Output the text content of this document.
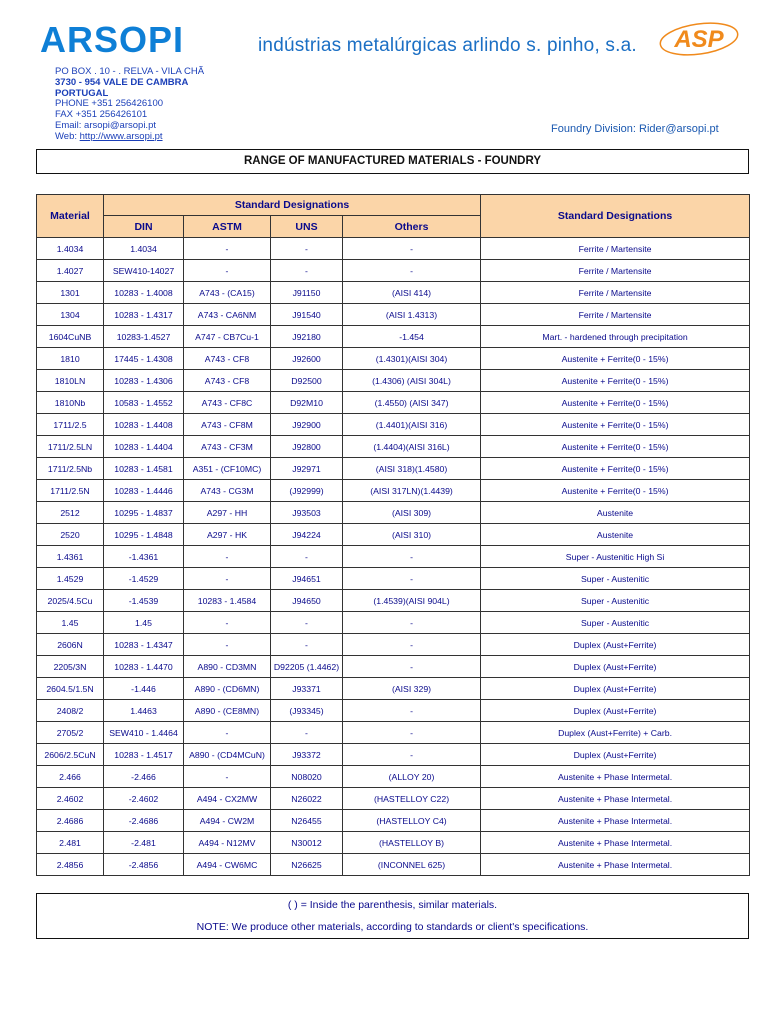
ARSOPI	indústrias metalúrgicas arlindo s. pinho, s.a. ASP
PO BOX . 10 - . RELVA - VILA CHÃ
3730 - 954 VALE DE CAMBRA
PORTUGAL
PHONE +351 256426100
FAX +351 256426101
Email: arsopi@arsopi.pt
Web: http://www.arsopi.pt
Foundry Division: Rider@arsopi.pt
RANGE OF MANUFACTURED MATERIALS - FOUNDRY
Material	Standard Designations				Standard Designations
	DIN	ASTM	UNS	Others	
1.4034	1.4034	-	-	-	Ferrite / Martensite
1.4027	SEW410-14027	-	-	-	Ferrite / Martensite
1301	10283 - 1.4008	A743 - (CA15)	J91150	(AISI 414)	Ferrite / Martensite
1304	10283 - 1.4317	A743 - CA6NM	J91540	(AISI 1.4313)	Ferrite / Martensite
1604CuNB	10283-1.4527	A747 - CB7Cu-1	J92180	-1.454	Mart. - hardened through precipitation
1810	17445 - 1.4308	A743 - CF8	J92600	(1.4301)(AISI 304)	Austenite + Ferrite(0 - 15%)
1810LN	10283 - 1.4306	A743 - CF8	D92500	(1.4306) (AISI 304L)	Austenite + Ferrite(0 - 15%)
1810Nb	10583 - 1.4552	A743 - CF8C	D92M10	(1.4550) (AISI 347)	Austenite + Ferrite(0 - 15%)
1711/2.5	10283 - 1.4408	A743 - CF8M	J92900	(1.4401)(AISI 316)	Austenite + Ferrite(0 - 15%)
1711/2.5LN	10283 - 1.4404	A743 - CF3M	J92800	(1.4404)(AISI 316L)	Austenite + Ferrite(0 - 15%)
1711/2.5Nb	10283 - 1.4581	A351 - (CF10MC)	J92971	(AISI 318)(1.4580)	Austenite + Ferrite(0 - 15%)
1711/2.5N	10283 - 1.4446	A743 - CG3M	(J92999)	(AISI 317LN)(1.4439)	Austenite + Ferrite(0 - 15%)
2512	10295 - 1.4837	A297 - HH	J93503	(AISI 309)	Austenite
2520	10295 - 1.4848	A297 - HK	J94224	(AISI 310)	Austenite
1.4361	-1.4361	-	-	-	Super - Austenitic High Si
1.4529	-1.4529	-	J94651	-	Super - Austenitic
2025/4.5Cu	-1.4539	10283 - 1.4584	J94650	(1.4539)(AISI 904L)	Super - Austenitic
1.45	1.45	-	-	-	Super - Austenitic
2606N	10283 - 1.4347	-	-	-	Duplex (Aust+Ferrite)
2205/3N	10283 - 1.4470	A890 - CD3MN	D92205 (1.4462)	-	Duplex (Aust+Ferrite)
2604.5/1.5N	-1.446	A890 - (CD6MN)	J93371	(AISI 329)	Duplex (Aust+Ferrite)
2408/2	1.4463	A890 - (CE8MN)	(J93345)	-	Duplex (Aust+Ferrite)
2705/2	SEW410 - 1.4464	-	-	-	Duplex (Aust+Ferrite) + Carb.
2606/2.5CuN	10283 - 1.4517	A890 - (CD4MCuN)	J93372	-	Duplex (Aust+Ferrite)
2.466	-2.466	-	N08020	(ALLOY 20)	Austenite + Phase Intermetal.
2.4602	-2.4602	A494 - CX2MW	N26022	(HASTELLOY C22)	Austenite + Phase Intermetal.
2.4686	-2.4686	A494 - CW2M	N26455	(HASTELLOY C4)	Austenite + Phase Intermetal.
2.481	-2.481	A494 - N12MV	N30012	(HASTELLOY B)	Austenite + Phase Intermetal.
2.4856	-2.4856	A494 - CW6MC	N26625	(INCONNEL 625)	Austenite + Phase Intermetal.
( ) = Inside the parenthesis, similar materials.
NOTE: We produce other materials, according to standards or client's specifications.
